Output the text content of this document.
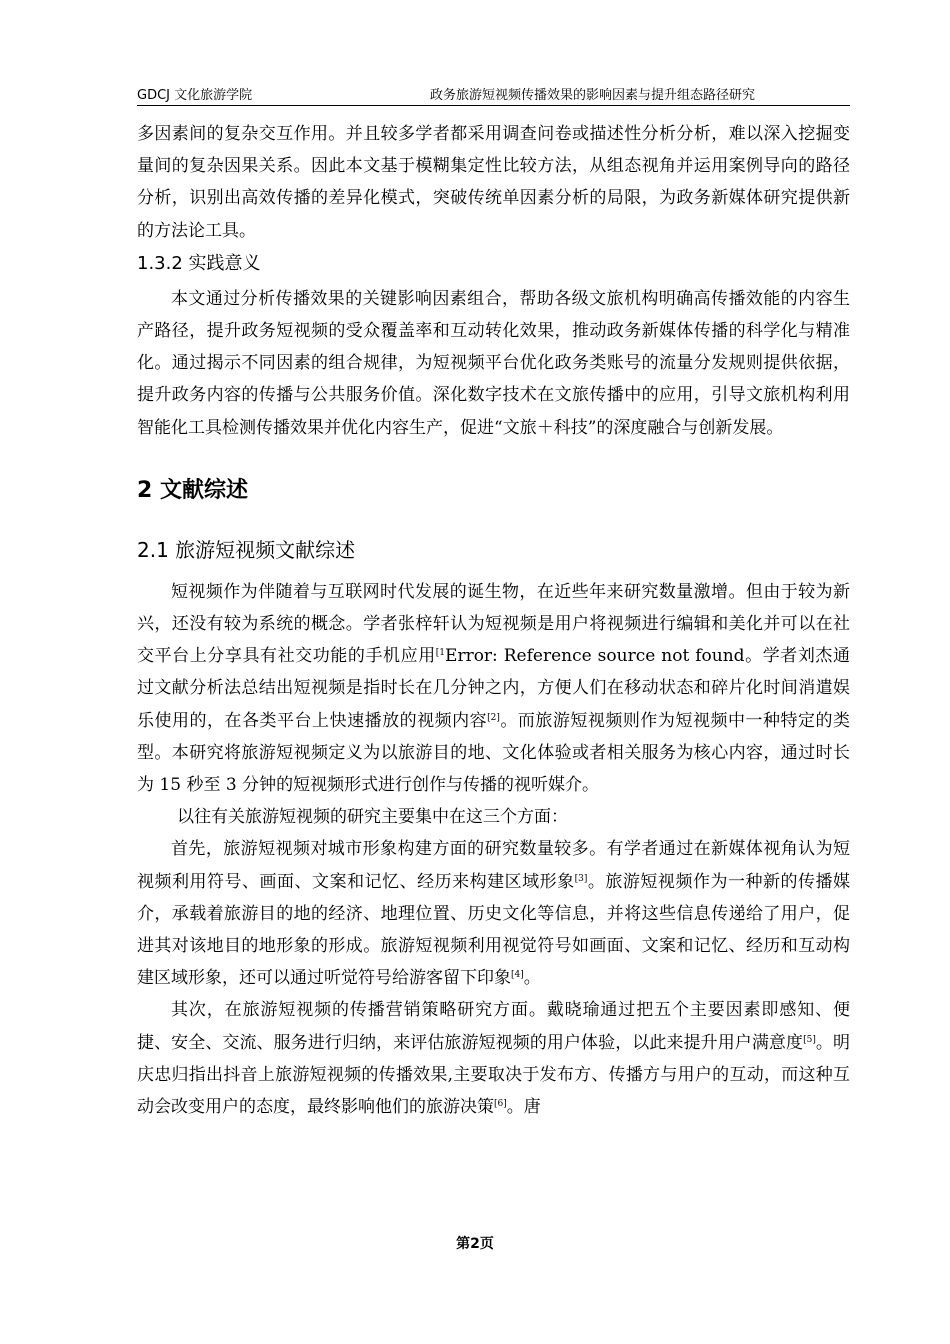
GDCJ 文化旅游学院	政务旅游短视频传播效果的影响因素与提升组态路径研究

多因素间的复杂交互作用。并且较多学者都采用调查问卷或描述性分析分析，难以深入挖掘变量间的复杂因果关系。因此本文基于模糊集定性比较方法，从组态视角并运用案例导向的路径分析，识别出高效传播的差异化模式，突破传统单因素分析的局限，为政务新媒体研究提供新的方法论工具。

1.3.2 实践意义

本文通过分析传播效果的关键影响因素组合，帮助各级文旅机构明确高传播效能的内容生产路径，提升政务短视频的受众覆盖率和互动转化效果，推动政务新媒体传播的科学化与精准化。通过揭示不同因素的组合规律，为短视频平台优化政务类账号的流量分发规则提供依据，提升政务内容的传播与公共服务价值。深化数字技术在文旅传播中的应用，引导文旅机构利用智能化工具检测传播效果并优化内容生产，促进“文旅＋科技”的深度融合与创新发展。

2 文献综述
2.1 旅游短视频文献综述

短视频作为伴随着与互联网时代发展的诞生物，在近些年来研究数量激增。但由于较为新兴，还没有较为系统的概念。学者张梓轩认为短视频是用户将视频进行编辑和美化并可以在社交平台上分享具有社交功能的手机应用$^{[1}$Error: Reference source not found。学者刘杰通过文献分析法总结出短视频是指时长在几分钟之内，方便人们在移动状态和碎片化时间消遣娱乐使用的，在各类平台上快速播放的视频内容[2]。而旅游短视频则作为短视频中一种特定的类型。本研究将旅游短视频定义为以旅游目的地、文化体验或者相关服务为核心内容，通过时长为 15 秒至 3 分钟的短视频形式进行创作与传播的视听媒介。

以往有关旅游短视频的研究主要集中在这三个方面：

首先，旅游短视频对城市形象构建方面的研究数量较多。有学者通过在新媒体视角认为短视频利用符号、画面、文案和记忆、经历来构建区域形象[3]。旅游短视频作为一种新的传播媒介，承载着旅游目的地的经济、地理位置、历史文化等信息，并将这些信息传递给了用户，促进其对该地目的地形象的形成。旅游短视频利用视觉符号如画面、文案和记忆、经历和互动构建区域形象，还可以通过听觉符号给游客留下印象[4]。

其次，在旅游短视频的传播营销策略研究方面。戴晓瑜通过把五个主要因素即感知、便捷、安全、交流、服务进行归纳，来评估旅游短视频的用户体验，以此来提升用户满意度[5]。明庆忠归指出抖音上旅游短视频的传播效果,主要取决于发布方、传播方与用户的互动，而这种互动会改变用户的态度，最终影响他们的旅游决策[6]。唐

第2页
